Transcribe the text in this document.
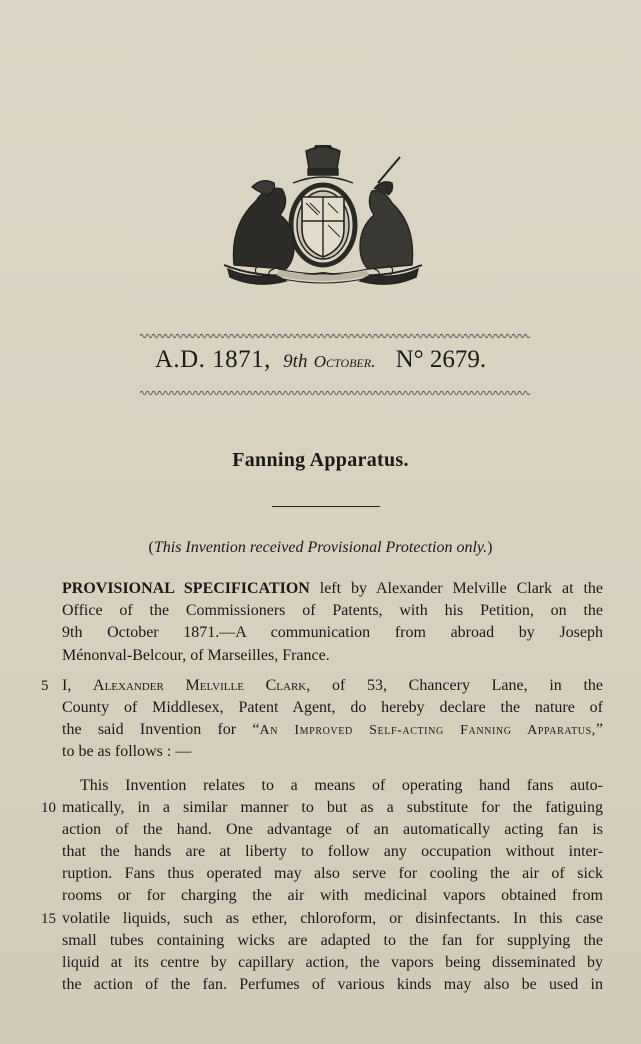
A.D. 1871, 9th October. N° 2679.
Fanning Apparatus.
(This Invention received Provisional Protection only.)
PROVISIONAL SPECIFICATION left by Alexander Melville Clark at the
Office of the Commissioners of Patents, with his Petition, on the
9th October 1871.—A communication from abroad by Joseph
Ménonval-Belcour, of Marseilles, France.
5 I, Alexander Melville Clark, of 53, Chancery Lane, in the
County of Middlesex, Patent Agent, do hereby declare the nature of
the said Invention for “An Improved Self-acting Fanning Apparatus,”
to be as follows : —
This Invention relates to a means of operating hand fans auto-
10 matically, in a similar manner to but as a substitute for the fatiguing
action of the hand. One advantage of an automatically acting fan is
that the hands are at liberty to follow any occupation without inter-
ruption. Fans thus operated may also serve for cooling the air of sick
rooms or for charging the air with medicinal vapors obtained from
15 volatile liquids, such as ether, chloroform, or disinfectants. In this case
small tubes containing wicks are adapted to the fan for supplying the
liquid at its centre by capillary action, the vapors being disseminated by
the action of the fan. Perfumes of various kinds may also be used in
